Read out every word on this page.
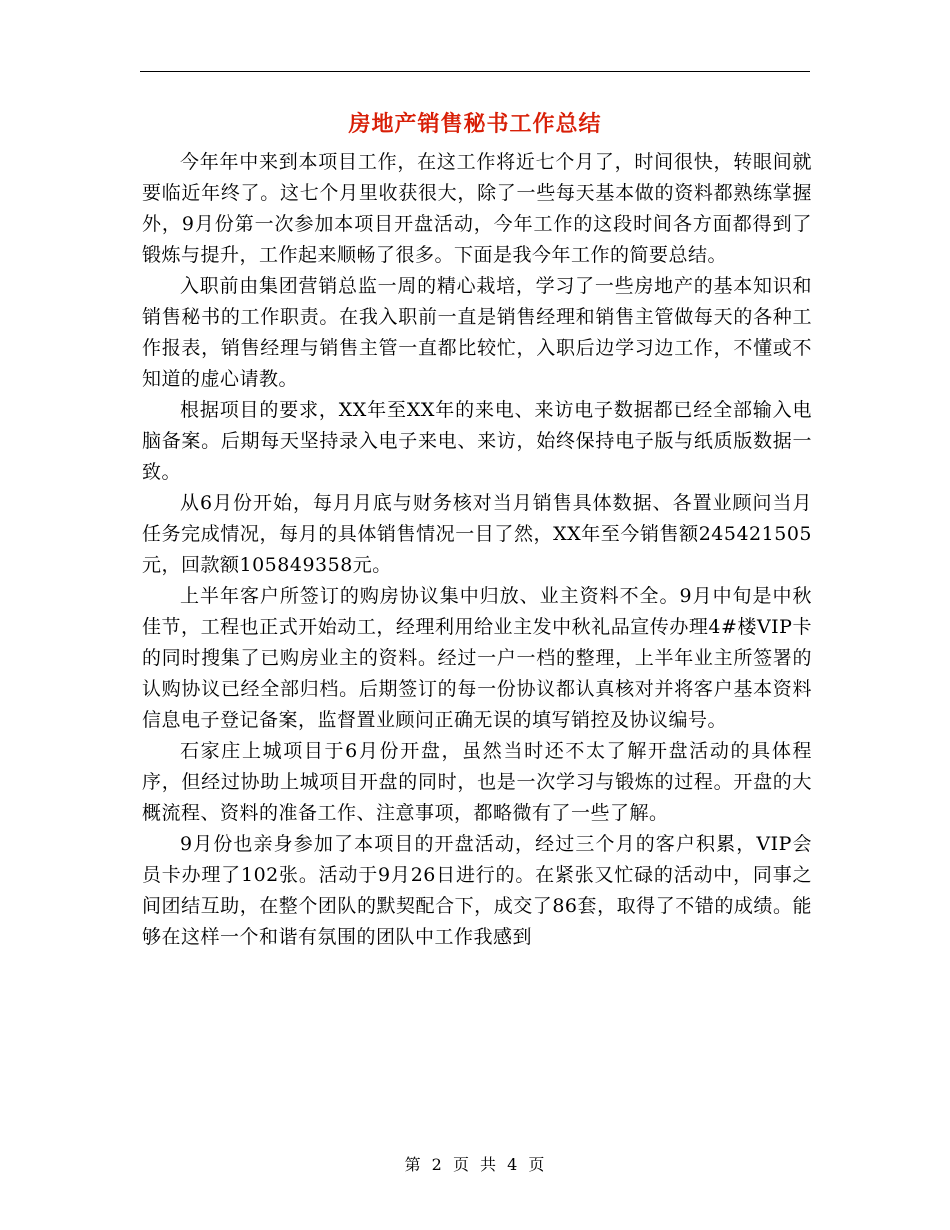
房地产销售秘书工作总结

今年年中来到本项目工作，在这工作将近七个月了，时间很快，转眼间就要临近年终了。这七个月里收获很大，除了一些每天基本做的资料都熟练掌握外，9月份第一次参加本项目开盘活动，今年工作的这段时间各方面都得到了锻炼与提升，工作起来顺畅了很多。下面是我今年工作的简要总结。

入职前由集团营销总监一周的精心栽培，学习了一些房地产的基本知识和销售秘书的工作职责。在我入职前一直是销售经理和销售主管做每天的各种工作报表，销售经理与销售主管一直都比较忙，入职后边学习边工作，不懂或不知道的虚心请教。

根据项目的要求，XX年至XX年的来电、来访电子数据都已经全部输入电脑备案。后期每天坚持录入电子来电、来访，始终保持电子版与纸质版数据一致。

从6月份开始，每月月底与财务核对当月销售具体数据、各置业顾问当月任务完成情况，每月的具体销售情况一目了然，XX年至今销售额245421505元，回款额105849358元。

上半年客户所签订的购房协议集中归放、业主资料不全。9月中旬是中秋佳节，工程也正式开始动工，经理利用给业主发中秋礼品宣传办理4#楼VIP卡的同时搜集了已购房业主的资料。经过一户一档的整理，上半年业主所签署的认购协议已经全部归档。后期签订的每一份协议都认真核对并将客户基本资料信息电子登记备案，监督置业顾问正确无误的填写销控及协议编号。

石家庄上城项目于6月份开盘，虽然当时还不太了解开盘活动的具体程序，但经过协助上城项目开盘的同时，也是一次学习与锻炼的过程。开盘的大概流程、资料的准备工作、注意事项，都略微有了一些了解。

9月份也亲身参加了本项目的开盘活动，经过三个月的客户积累，VIP会员卡办理了102张。活动于9月26日进行的。在紧张又忙碌的活动中，同事之间团结互助，在整个团队的默契配合下，成交了86套，取得了不错的成绩。能够在这样一个和谐有氛围的团队中工作我感到

第 2 页 共 4 页
